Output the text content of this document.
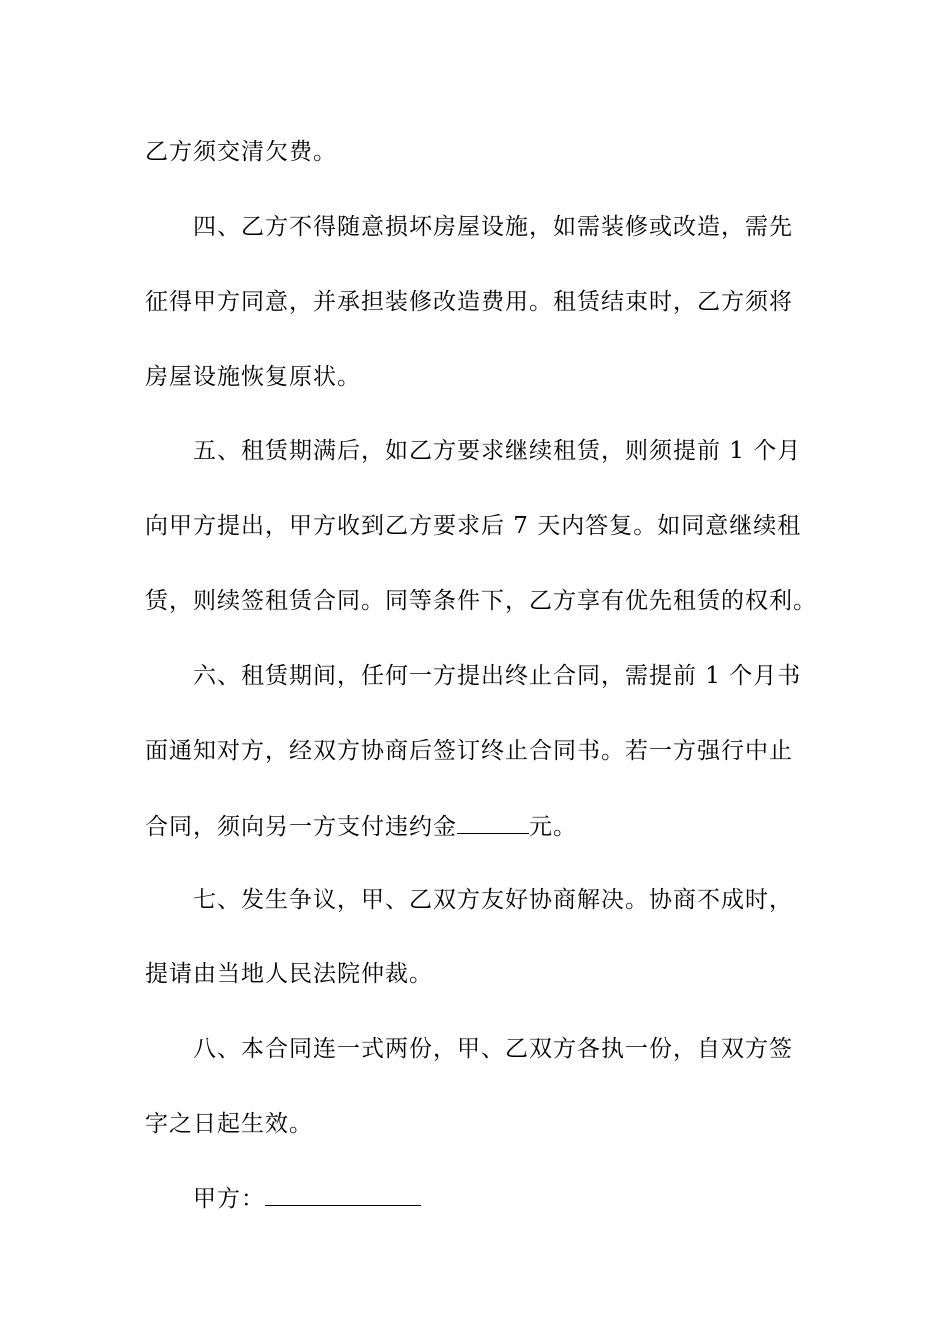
乙方须交清欠费。
四、乙方不得随意损坏房屋设施，如需装修或改造，需先
征得甲方同意，并承担装修改造费用。租赁结束时，乙方须将
房屋设施恢复原状。
五、租赁期满后，如乙方要求继续租赁，则须提前 1 个月
向甲方提出，甲方收到乙方要求后 7 天内答复。如同意继续租
赁，则续签租赁合同。同等条件下，乙方享有优先租赁的权利。
六、租赁期间，任何一方提出终止合同，需提前 1 个月书
面通知对方，经双方协商后签订终止合同书。若一方强行中止
合同，须向另一方支付违约金	元。
七、发生争议，甲、乙双方友好协商解决。协商不成时，
提请由当地人民法院仲裁。
八、本合同连一式两份，甲、乙双方各执一份，自双方签
字之日起生效。
甲方：
